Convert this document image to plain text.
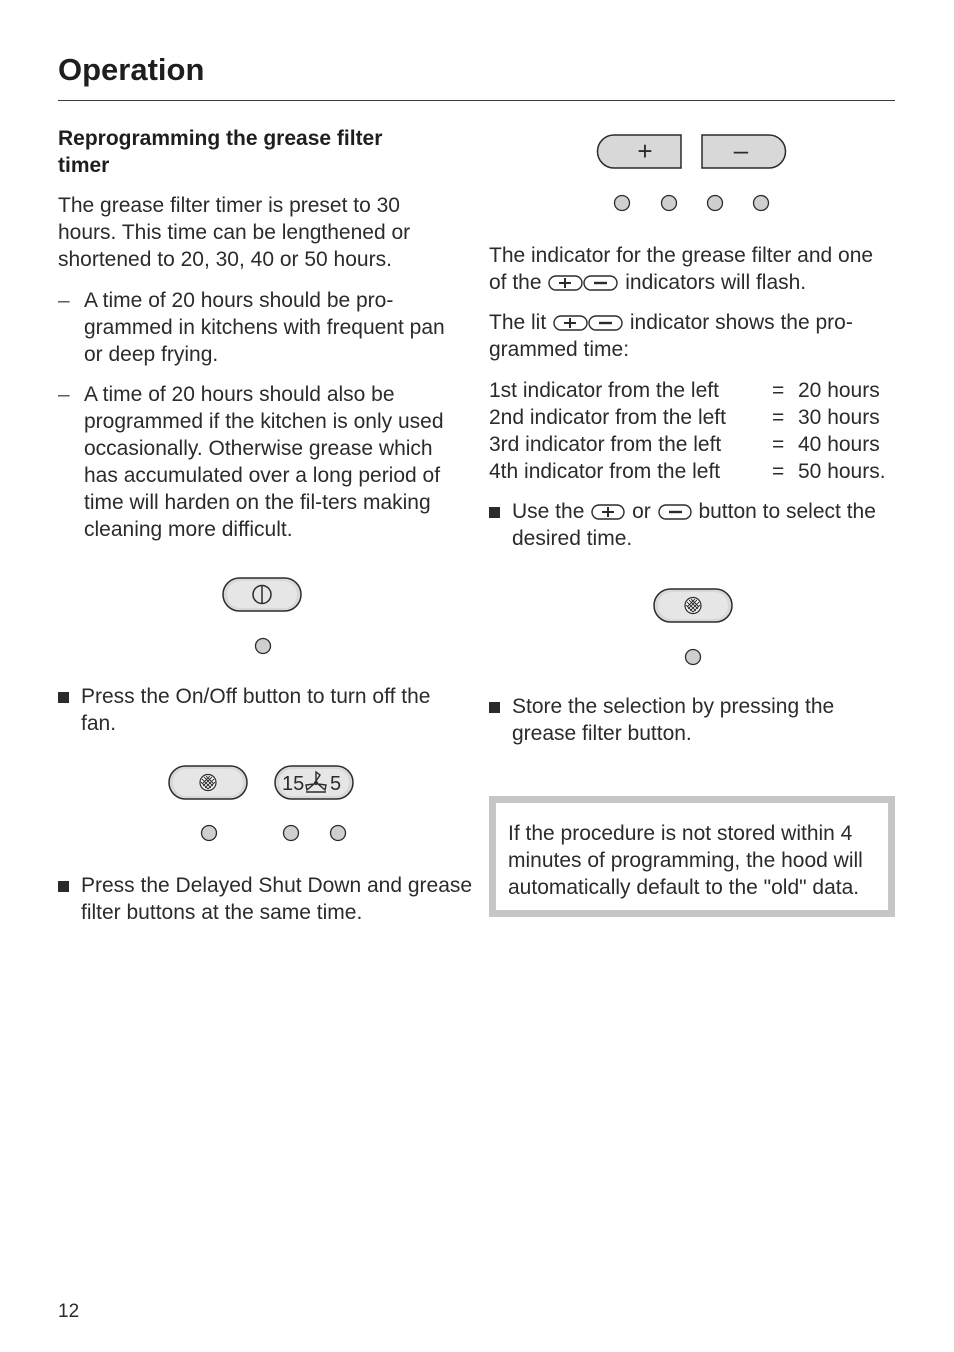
Operation
Reprogramming the grease filter timer
The grease filter timer is preset to 30 hours. This time can be lengthened or shortened to 20, 30, 40 or 50 hours.
– A time of 20 hours should be pro-grammed in kitchens with frequent pan or deep frying.
– A time of 20 hours should also be programmed if the kitchen is only used occasionally. Otherwise grease which has accumulated over a long period of time will harden on the fil-ters making cleaning more difficult.
Press the On/Off button to turn off the fan.
15 5
Press the Delayed Shut Down and grease filter buttons at the same time.
+	–
The indicator for the grease filter and one of the	indicators will flash.
The lit	indicator shows the pro-grammed time:
1st indicator from the left	= 20 hours
2nd indicator from the left = 30 hours
3rd indicator from the left = 40 hours
4th indicator from the left = 50 hours.
Use the or button to select the desired time.
Store the selection by pressing the grease filter button.
If the procedure is not stored within 4 minutes of programming, the hood will automatically default to the "old" data.
12
